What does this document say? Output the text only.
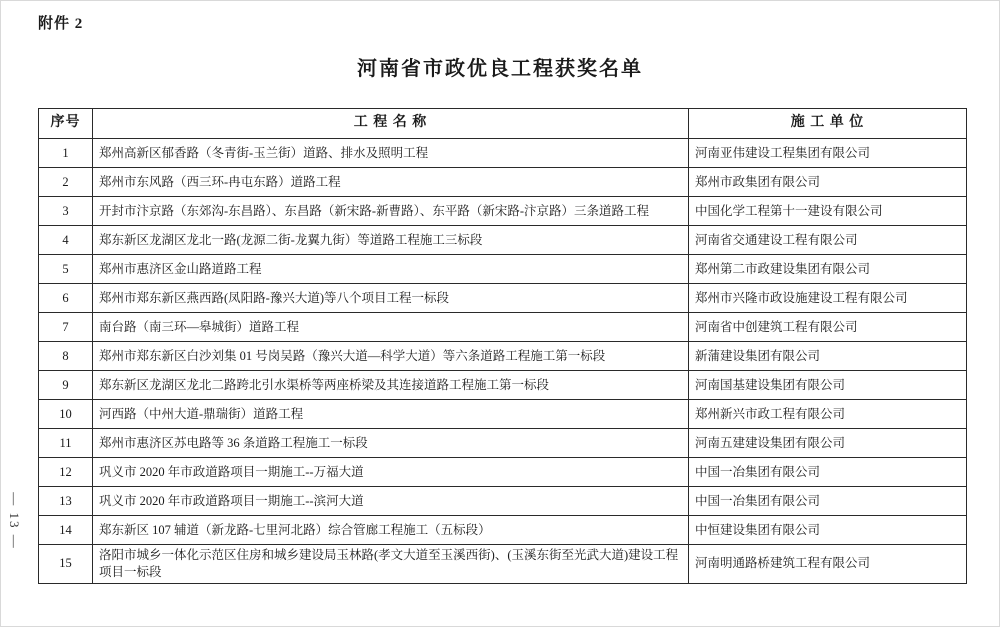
附件 2
河南省市政优良工程获奖名单
序号	工 程 名 称	施 工 单 位
1	郑州高新区郁香路（冬青街-玉兰街）道路、排水及照明工程	河南亚伟建设工程集团有限公司
2	郑州市东风路（西三环-冉屯东路）道路工程	郑州市政集团有限公司
3	开封市汴京路（东郊沟-东昌路）、东昌路（新宋路-新曹路）、东平路（新宋路-汴京路）三条道路工程	中国化学工程第十一建设有限公司
4	郑东新区龙湖区龙北一路(龙源二街-龙翼九街）等道路工程施工三标段	河南省交通建设工程有限公司
5	郑州市惠济区金山路道路工程	郑州第二市政建设集团有限公司
6	郑州市郑东新区燕西路(凤阳路-豫兴大道)等八个项目工程一标段	郑州市兴隆市政设施建设工程有限公司
7	南台路（南三环—皋城街）道路工程	河南省中创建筑工程有限公司
8	郑州市郑东新区白沙刘集 01 号岗吴路（豫兴大道—科学大道）等六条道路工程施工第一标段	新蒲建设集团有限公司
9	郑东新区龙湖区龙北二路跨北引水渠桥等两座桥梁及其连接道路工程施工第一标段	河南国基建设集团有限公司
10	河西路（中州大道-鼎瑞街）道路工程	郑州新兴市政工程有限公司
11	郑州市惠济区苏电路等 36 条道路工程施工一标段	河南五建建设集团有限公司
12	巩义市 2020 年市政道路项目一期施工--万福大道	中国一冶集团有限公司
13	巩义市 2020 年市政道路项目一期施工--滨河大道	中国一冶集团有限公司
14	郑东新区 107 辅道（新龙路-七里河北路）综合管廊工程施工（五标段）	中恒建设集团有限公司
15	洛阳市城乡一体化示范区住房和城乡建设局玉林路(孝文大道至玉溪西街)、(玉溪东街至光武大道)建设工程项目一标段	河南明通路桥建筑工程有限公司
— 13 —
